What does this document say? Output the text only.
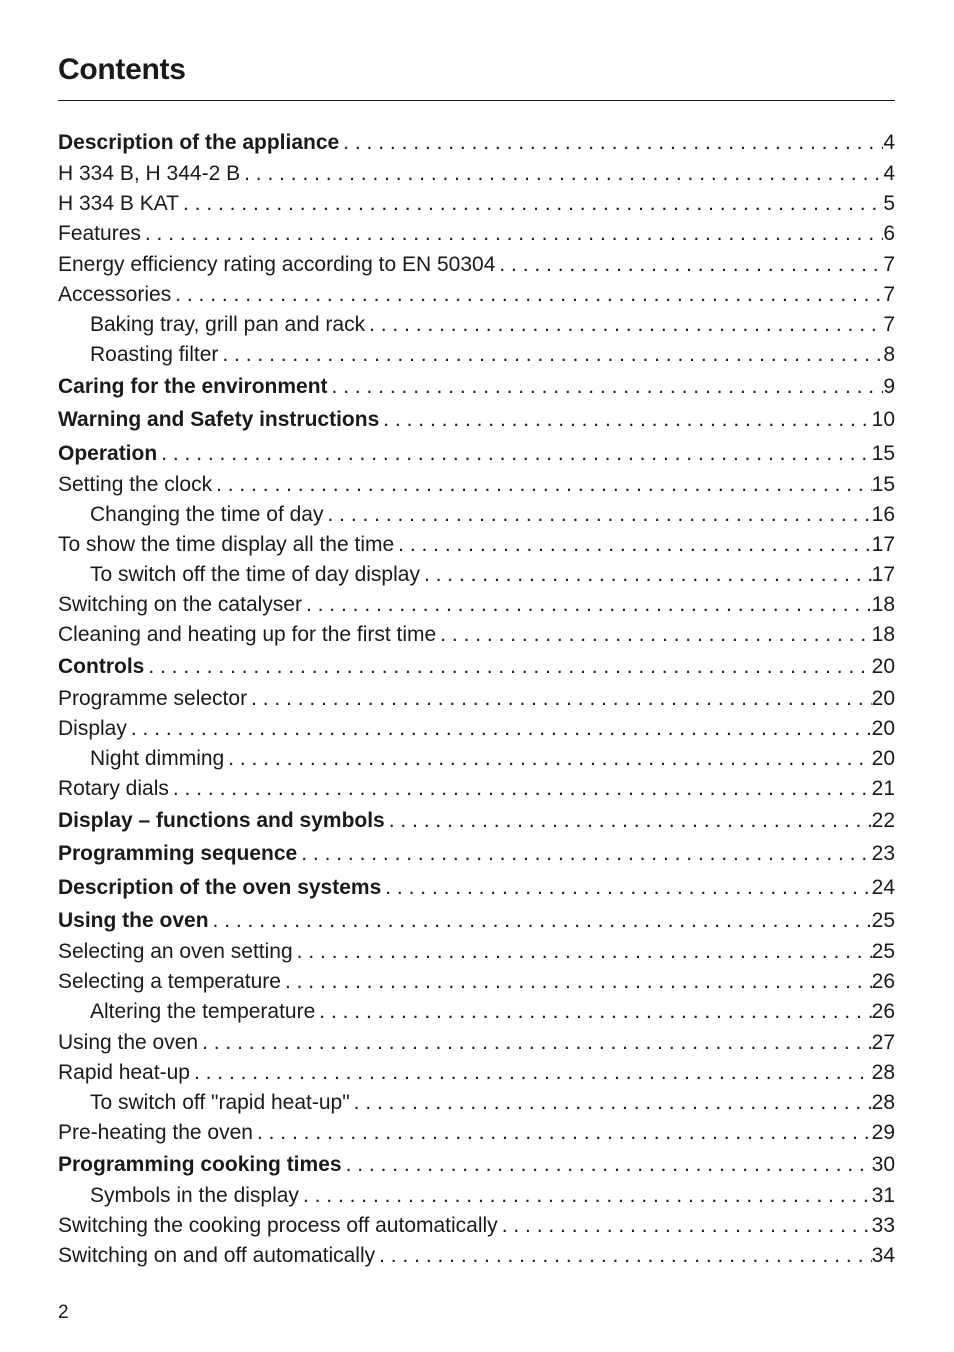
Contents
Description of the appliance . . .	4
H 334 B, H 344-2 B . . .	4
H 334 B KAT . . .	5
Features . . .	6
Energy efficiency rating according to EN 50304 . . .	7
Accessories . . .	7
Baking tray, grill pan and rack . . .	7
Roasting filter . . .	8
Caring for the environment . . .	9
Warning and Safety instructions . . .	10
Operation . . .	15
Setting the clock . . .	15
Changing the time of day . . .	16
To show the time display all the time . . .	17
To switch off the time of day display . . .	17
Switching on the catalyser . . .	18
Cleaning and heating up for the first time . . .	18
Controls . . .	20
Programme selector . . .	20
Display . . .	20
Night dimming . . .	20
Rotary dials . . .	21
Display – functions and symbols . . .	22
Programming sequence . . .	23
Description of the oven systems . . .	24
Using the oven . . .	25
Selecting an oven setting . . .	25
Selecting a temperature . . .	26
Altering the temperature . . .	26
Using the oven . . .	27
Rapid heat-up . . .	28
To switch off "rapid heat-up" . . .	28
Pre-heating the oven . . .	29
Programming cooking times . . .	30
Symbols in the display . . .	31
Switching the cooking process off automatically . . .	33
Switching on and off automatically . . .	34
2
